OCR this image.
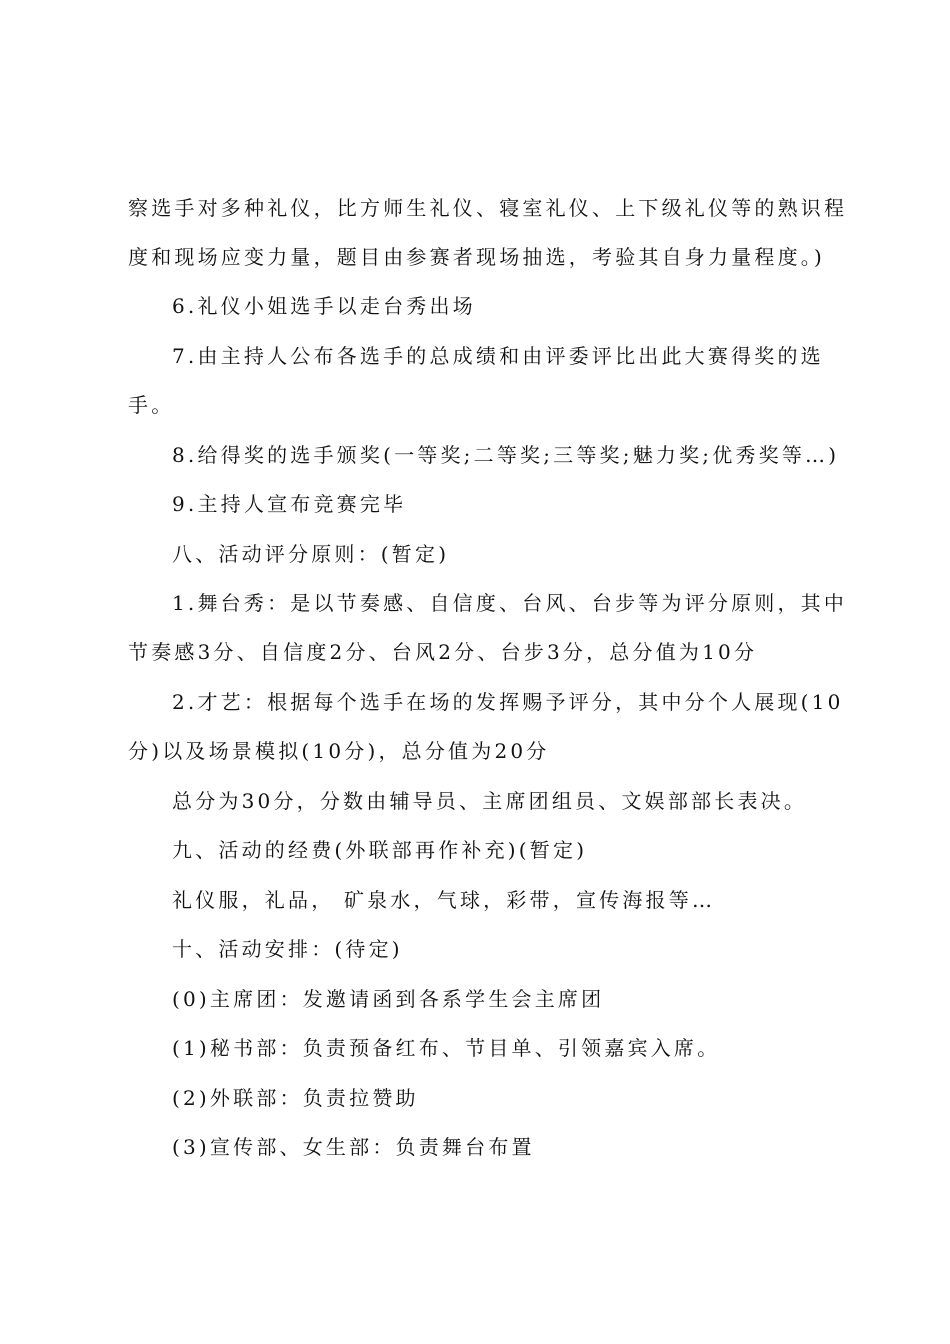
察选手对多种礼仪，比方师生礼仪、寝室礼仪、上下级礼仪等的熟识程
度和现场应变力量，题目由参赛者现场抽选，考验其自身力量程度。)
6.礼仪小姐选手以走台秀出场
7.由主持人公布各选手的总成绩和由评委评比出此大赛得奖的选
手。
8.给得奖的选手颁奖(一等奖;二等奖;三等奖;魅力奖;优秀奖等…)
9.主持人宣布竞赛完毕
八、活动评分原则：(暂定)
1.舞台秀：是以节奏感、自信度、台风、台步等为评分原则，其中
节奏感3分、自信度2分、台风2分、台步3分，总分值为10分
2.才艺：根据每个选手在场的发挥赐予评分，其中分个人展现(10
分)以及场景模拟(10分)，总分值为20分
总分为30分，分数由辅导员、主席团组员、文娱部部长表决。
九、活动的经费(外联部再作补充)(暂定)
礼仪服，礼品， 矿泉水，气球，彩带，宣传海报等…
十、活动安排：(待定)
(0)主席团：发邀请函到各系学生会主席团
(1)秘书部：负责预备红布、节目单、引领嘉宾入席。
(2)外联部：负责拉赞助
(3)宣传部、女生部：负责舞台布置
